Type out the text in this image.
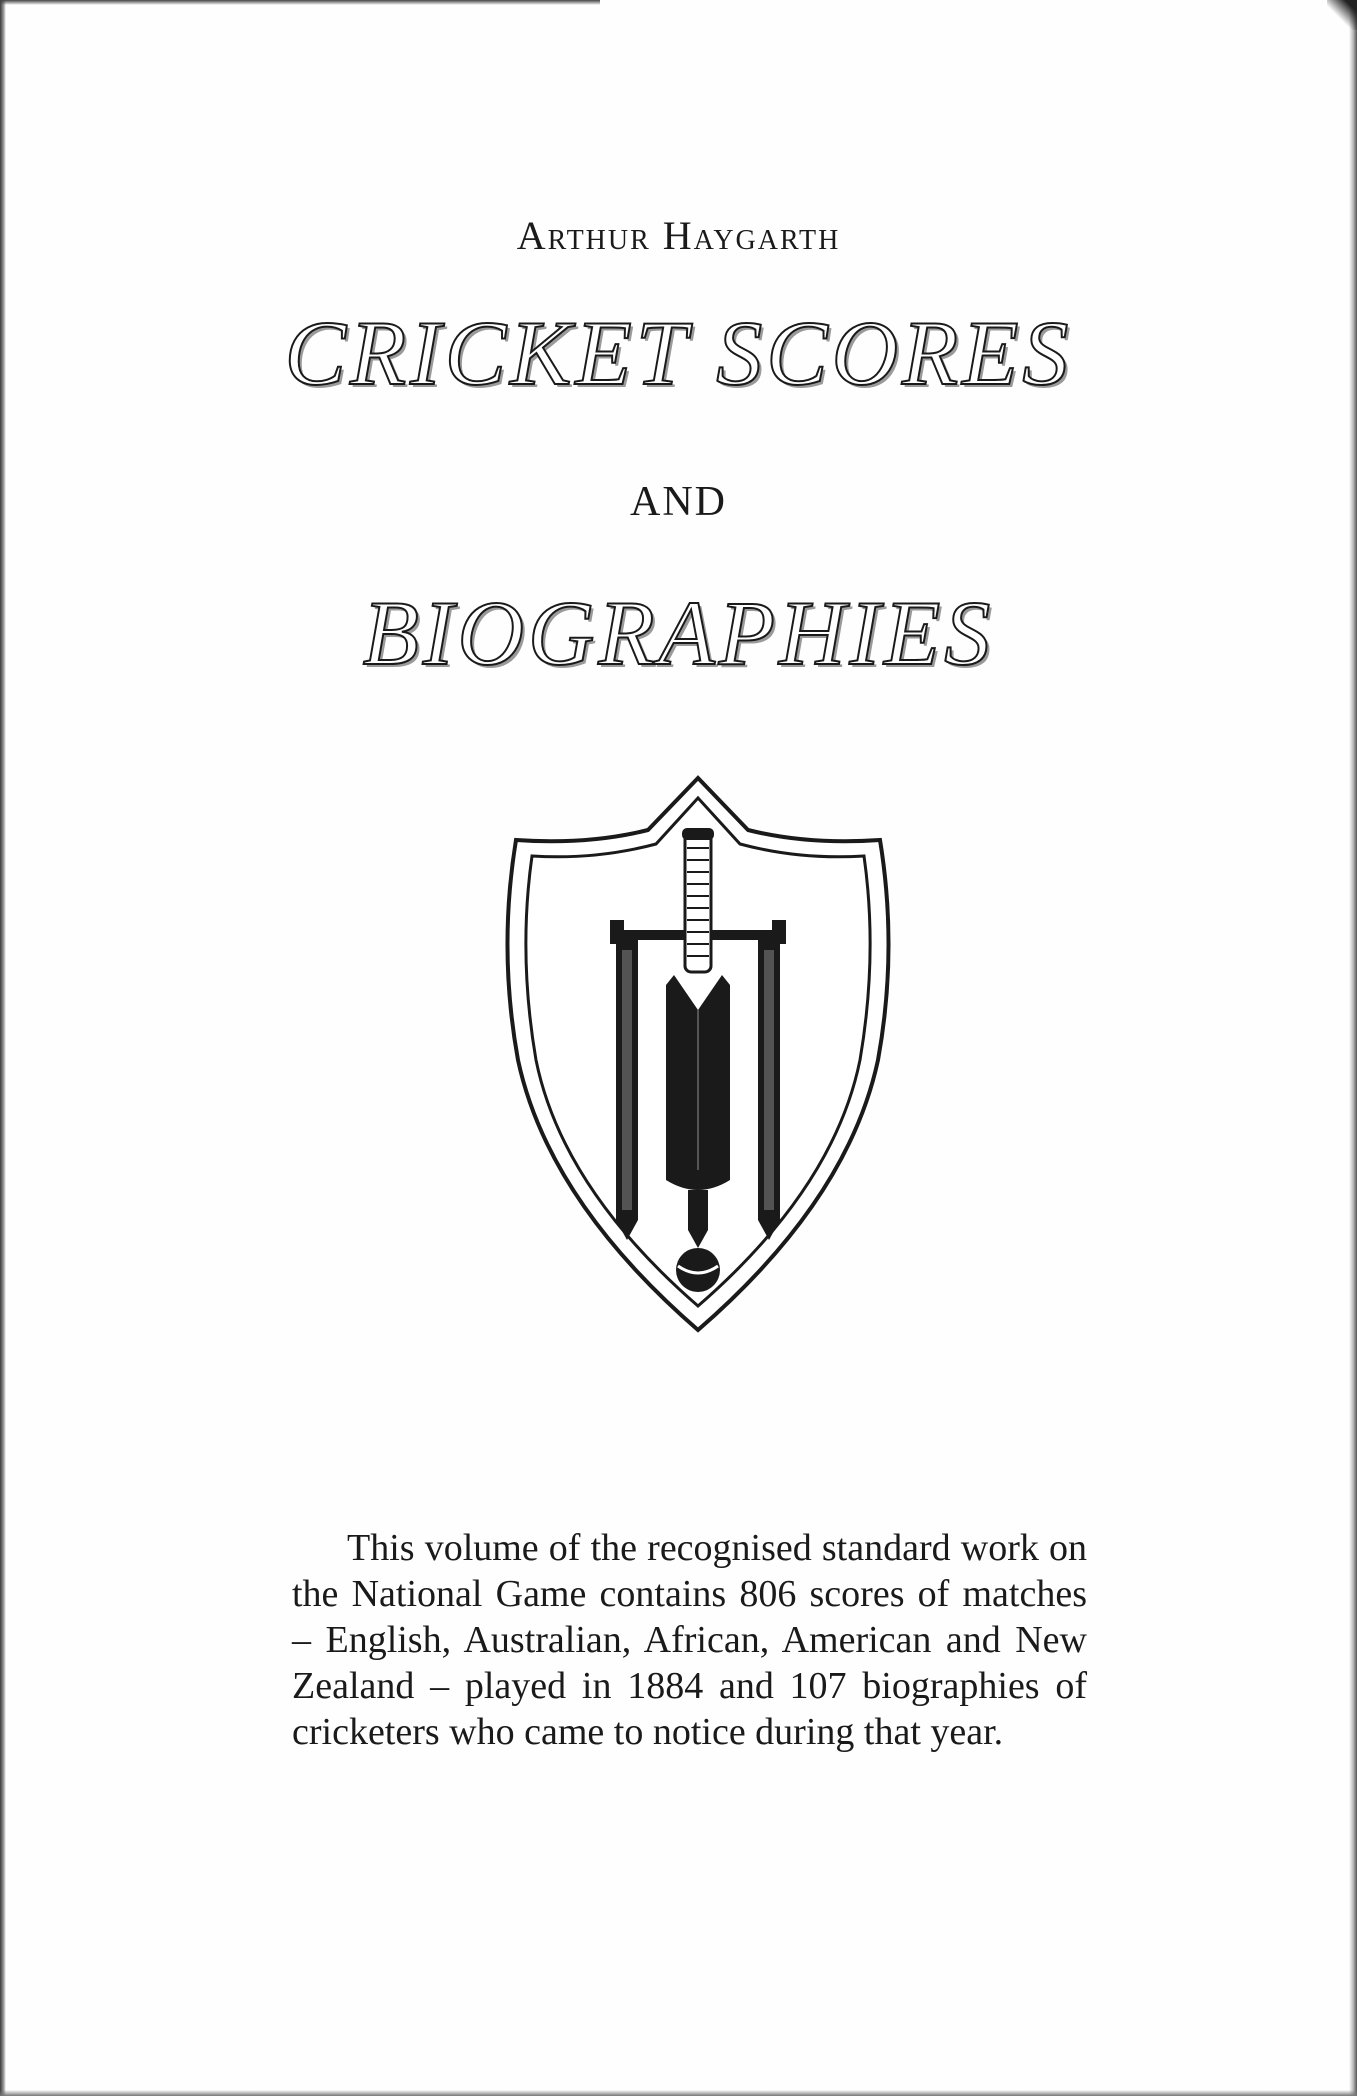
Arthur Haygarth
CRICKET SCORES
AND
BIOGRAPHIES
This volume of the recognised standard work on the National Game contains 806 scores of matches – English, Australian, African, American and New Zealand – played in 1884 and 107 biographies of cricketers who came to notice during that year.
